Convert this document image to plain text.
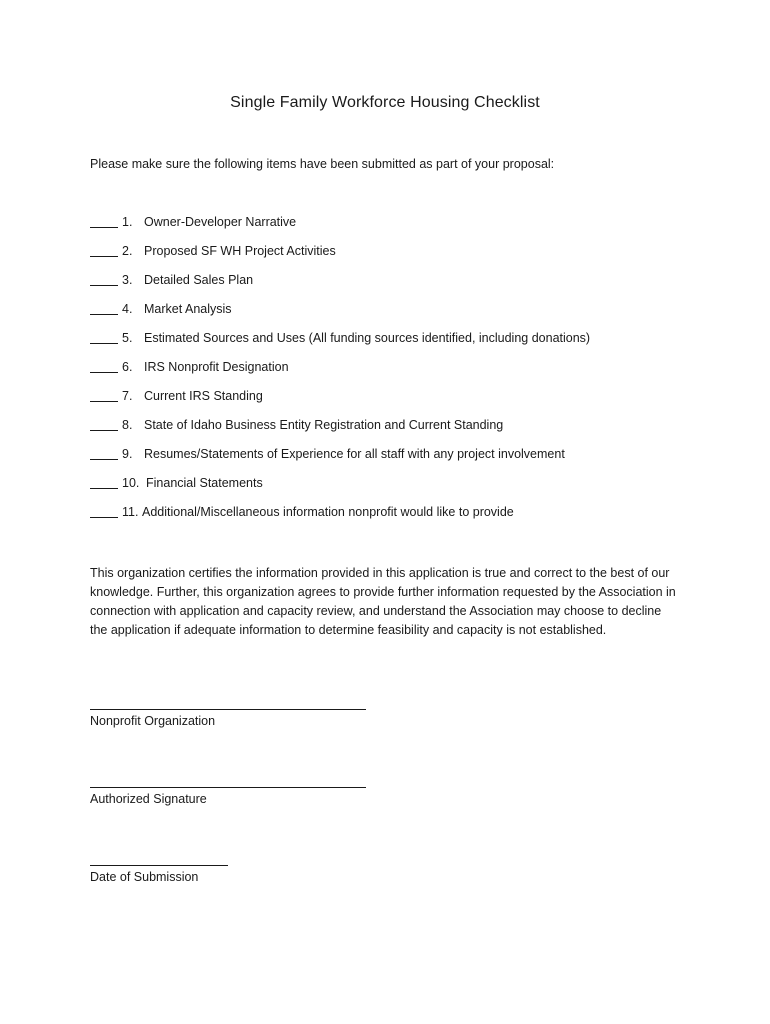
Single Family Workforce Housing Checklist
Please make sure the following items have been submitted as part of your proposal:
1. Owner-Developer Narrative
2. Proposed SF WH Project Activities
3. Detailed Sales Plan
4. Market Analysis
5. Estimated Sources and Uses (All funding sources identified, including donations)
6. IRS Nonprofit Designation
7. Current IRS Standing
8. State of Idaho Business Entity Registration and Current Standing
9. Resumes/Statements of Experience for all staff with any project involvement
10. Financial Statements
11. Additional/Miscellaneous information nonprofit would like to provide
This organization certifies the information provided in this application is true and correct to the best of our knowledge. Further, this organization agrees to provide further information requested by the Association in connection with application and capacity review, and understand the Association may choose to decline the application if adequate information to determine feasibility and capacity is not established.
Nonprofit Organization
Authorized Signature
Date of Submission
